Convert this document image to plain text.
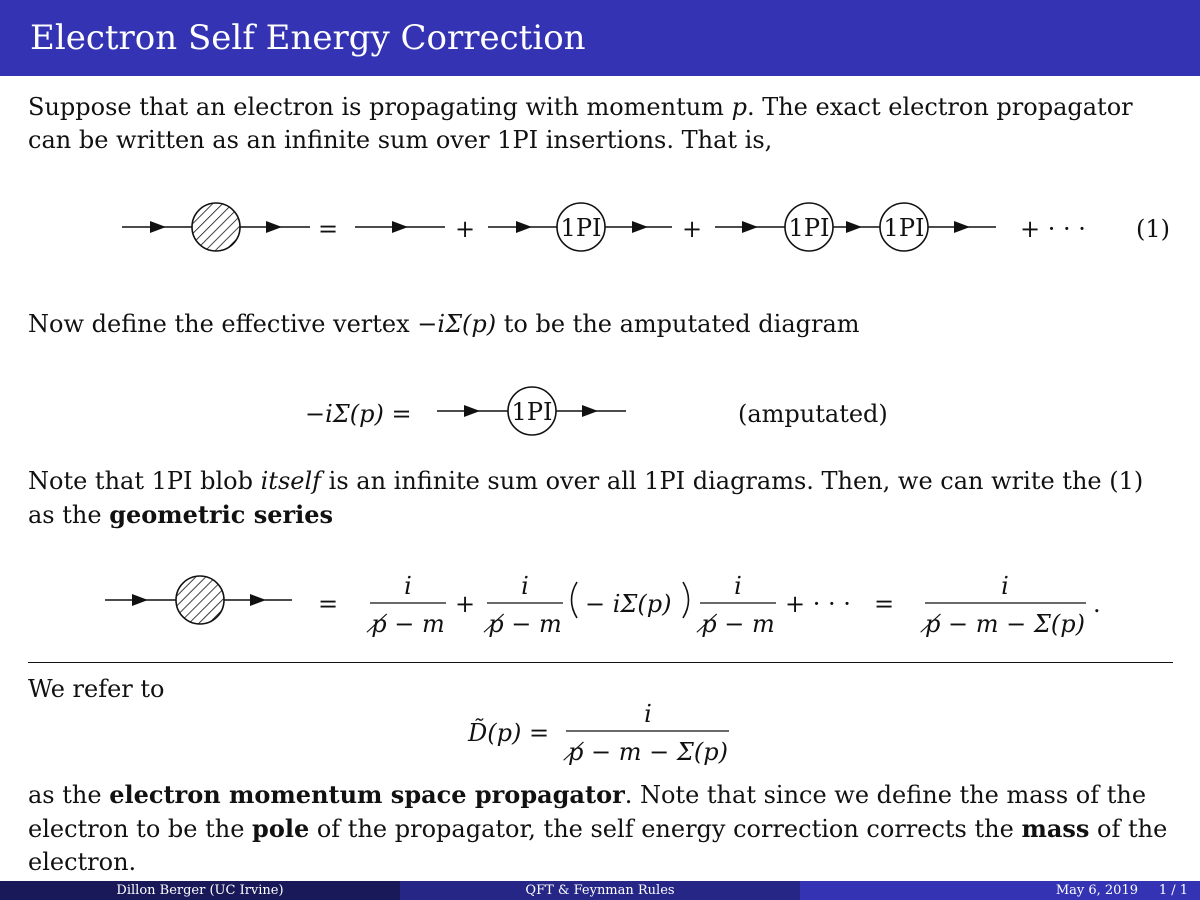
Electron Self Energy Correction
Suppose that an electron is propagating with momentum p. The exact electron propagator can be written as an infinite sum over 1PI insertions. That is,
=	+	1PI	+	1PI 1PI	+ · · · (1)
Now define the effective vertex −iΣ(p) to be the amputated diagram
−iΣ(p) =	1PI	(amputated)
Note that 1PI blob itself is an infinite sum over all 1PI diagrams. Then, we can write the (1) as the geometric series
=
i
p̸ − m
+
i
p̸ − m
− iΣ(p)
i
p̸ − m
+ · · · =
i
p̸ − m − Σ(p)
.
We refer to
D̃(p) =
i
p̸ − m − Σ(p)
as the electron momentum space propagator. Note that since we define the mass of the electron to be the pole of the propagator, the self energy correction corrects the mass of the electron.
Dillon Berger (UC Irvine)	QFT & Feynman Rules	May 6, 2019 1 / 1
